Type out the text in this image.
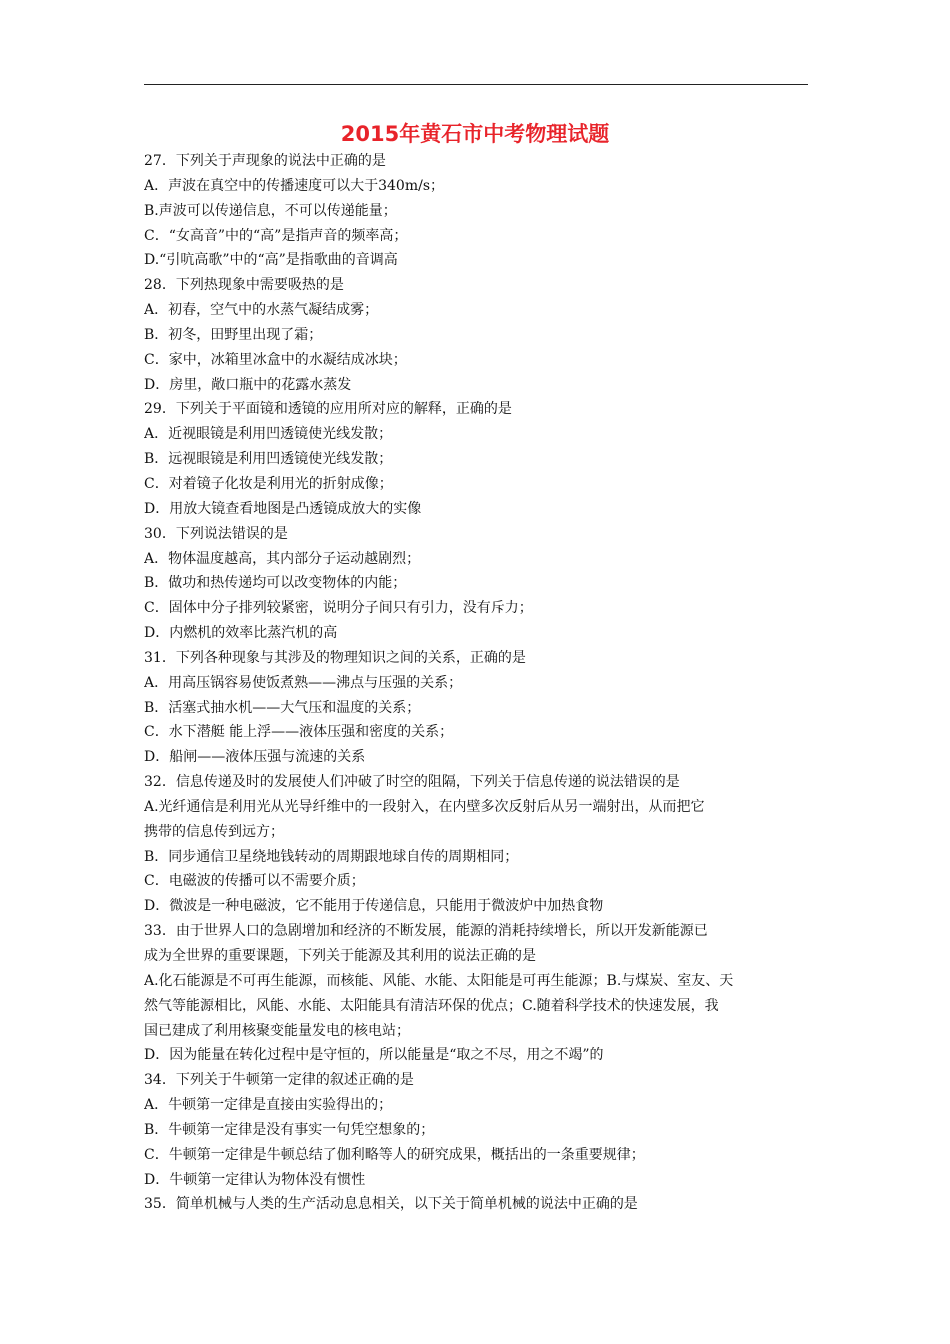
2015年黄石市中考物理试题
27．下列关于声现象的说法中正确的是
A．声波在真空中的传播速度可以大于340m/s；
B.声波可以传递信息，不可以传递能量；
C．“女高音”中的“高”是指声音的频率高；
D.“引吭高歌”中的“高”是指歌曲的音调高
28．下列热现象中需要吸热的是
A．初春，空气中的水蒸气凝结成雾；
B．初冬，田野里出现了霜；
C．家中，冰箱里冰盒中的水凝结成冰块；
D．房里，敞口瓶中的花露水蒸发
29．下列关于平面镜和透镜的应用所对应的解释，正确的是
A．近视眼镜是利用凹透镜使光线发散；
B．远视眼镜是利用凹透镜使光线发散；
C．对着镜子化妆是利用光的折射成像；
D．用放大镜查看地图是凸透镜成放大的实像
30．下列说法错误的是
A．物体温度越高，其内部分子运动越剧烈；
B．做功和热传递均可以改变物体的内能；
C．固体中分子排列较紧密，说明分子间只有引力，没有斥力；
D．内燃机的效率比蒸汽机的高
31．下列各种现象与其涉及的物理知识之间的关系，正确的是
A．用高压锅容易使饭煮熟——沸点与压强的关系；
B．活塞式抽水机——大气压和温度的关系；
C．水下潜艇 能上浮——液体压强和密度的关系；
D．船闸——液体压强与流速的关系
32．信息传递及时的发展使人们冲破了时空的阻隔，下列关于信息传递的说法错误的是
A.光纤通信是利用光从光导纤维中的一段射入，在内壁多次反射后从另一端射出，从而把它
携带的信息传到远方；
B．同步通信卫星绕地钱转动的周期跟地球自传的周期相同；
C．电磁波的传播可以不需要介质；
D．微波是一种电磁波，它不能用于传递信息，只能用于微波炉中加热食物
33．由于世界人口的急剧增加和经济的不断发展，能源的消耗持续增长，所以开发新能源已
成为全世界的重要课题，下列关于能源及其利用的说法正确的是
A.化石能源是不可再生能源，而核能、风能、水能、太阳能是可再生能源；B.与煤炭、室友、天
然气等能源相比，风能、水能、太阳能具有清洁环保的优点；C.随着科学技术的快速发展，我
国已建成了利用核聚变能量发电的核电站；
D．因为能量在转化过程中是守恒的，所以能量是“取之不尽，用之不竭”的
34．下列关于牛顿第一定律的叙述正确的是
A．牛顿第一定律是直接由实验得出的；
B．牛顿第一定律是没有事实一句凭空想象的；
C．牛顿第一定律是牛顿总结了伽利略等人的研究成果，概括出的一条重要规律；
D．牛顿第一定律认为物体没有惯性
35．简单机械与人类的生产活动息息相关，以下关于简单机械的说法中正确的是
